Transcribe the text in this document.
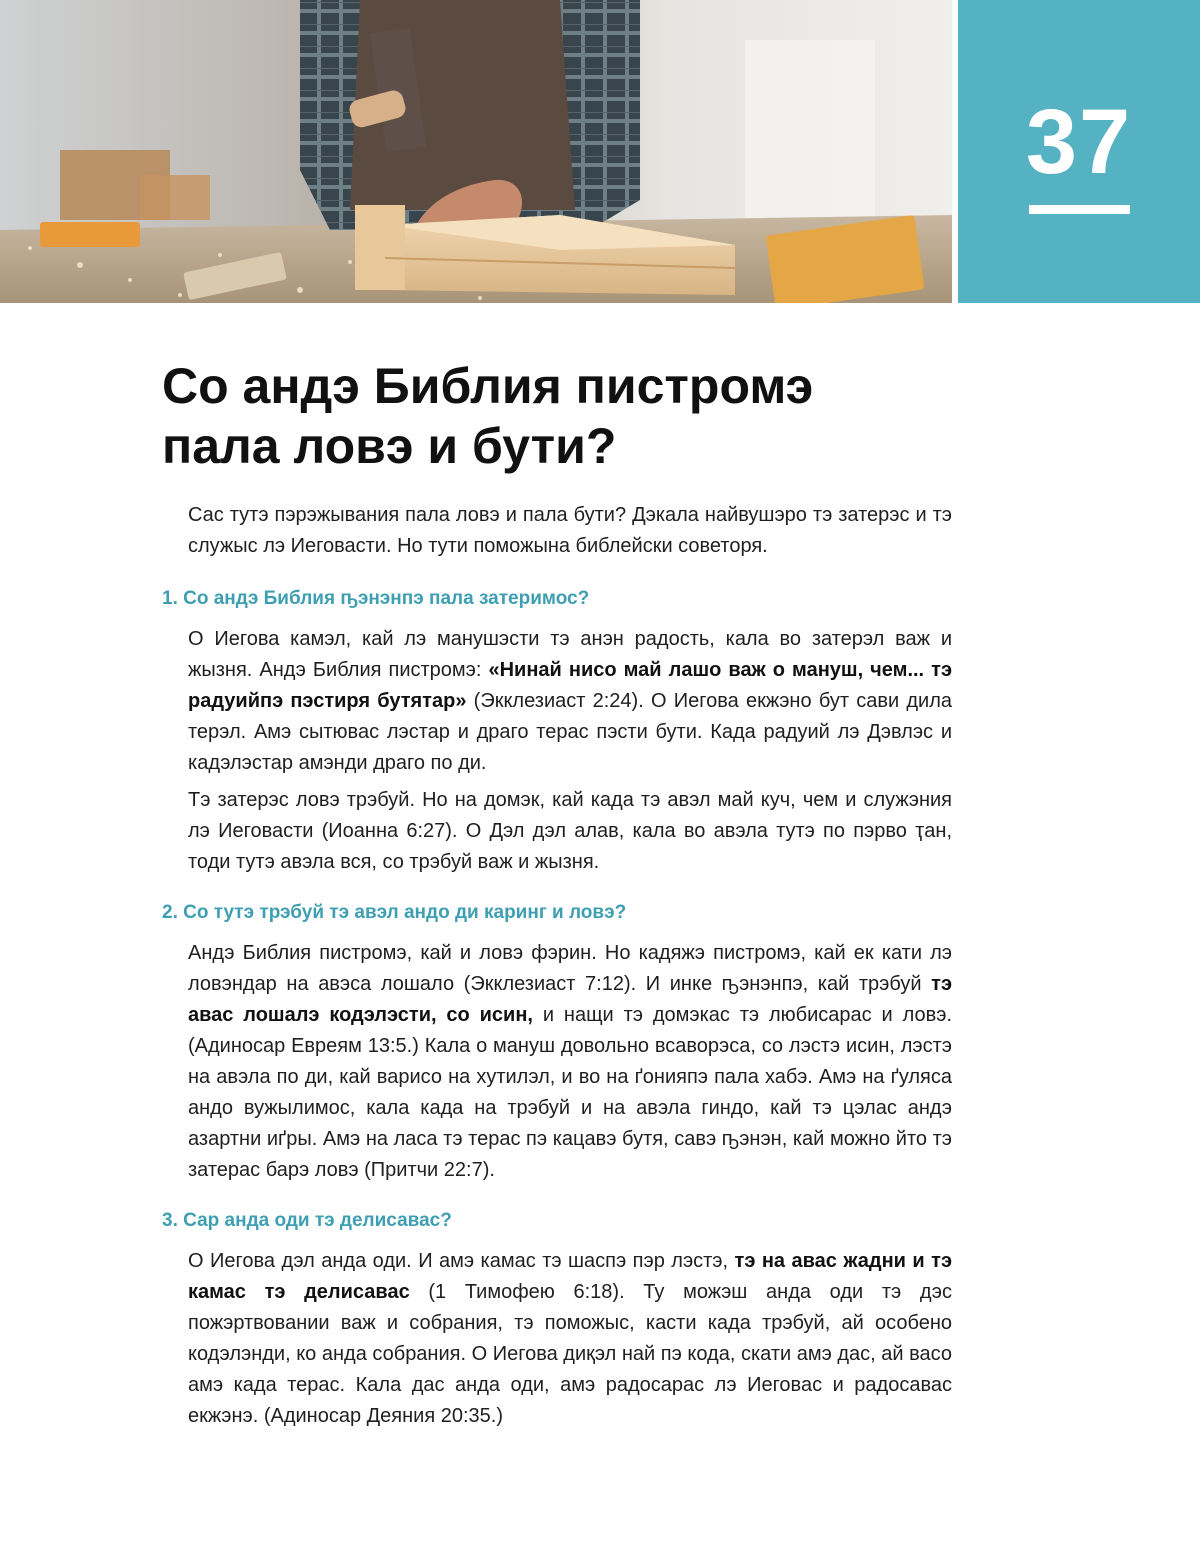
37
Со андэ Библия пистромэ
пала ловэ и бути?

Сас тутэ пэрэжывания пала ловэ и пала бути? Дэкала найвушэро тэ затерэс и тэ служыс лэ Иеговасти. Но тути поможына библейски советоря.

1. Со андэ Библия ҧэнэнпэ пала затеримос?

О Иегова камэл, кай лэ манушэсти тэ анэн радость, кала во затерэл важ и жызня. Андэ Библия пистромэ: «Нинай нисо май лашо важ о мануш, чем... тэ радуийпэ пэстиря бутятар» (Экклезиаст 2:24). О Иегова екжэно бут сави дила терэл. Амэ сытювас лэстар и драго терас пэсти бути. Када радуий лэ Дэвлэс и кадэлэстар амэнди драго по ди.

Тэ затерэс ловэ трэбуй. Но на домэк, кай када тэ авэл май куч, чем и служэния лэ Иеговасти (Иоанна 6:27). О Дэл дэл алав, кала во авэла тутэ по пэрво ҭан, тоди тутэ авэла вся, со трэбуй важ и жызня.

2. Со тутэ трэбуй тэ авэл андо ди каринг и ловэ?

Андэ Библия пистромэ, кай и ловэ фэрин. Но кадяжэ пистромэ, кай ек кати лэ ловэндар на авэса лошало (Экклезиаст 7:12). И инке ҧэнэнпэ, кай трэбуй тэ авас лошалэ кодэлэсти, со исин, и нащи тэ домэкас тэ любисарас и ловэ. (Адиносар Евреям 13:5.) Кала о мануш довольно всаворэса, со лэстэ исин, лэстэ на авэла по ди, кай варисо на хутилэл, и во на ґонияпэ пала хабэ. Амэ на ґуляса андо вужылимос, кала када на трэбуй и на авэла гиндо, кай тэ цэлас андэ азартни иґры. Амэ на ласа тэ терас пэ кацавэ бутя, савэ ҧэнэн, кай можно йто тэ затерас барэ ловэ (Притчи 22:7).

3. Сар анда оди тэ делисавас?

О Иегова дэл анда оди. И амэ камас тэ шаспэ пэр лэстэ, тэ на авас жадни и тэ камас тэ делисавас (1 Тимофею 6:18). Ту можэш анда оди тэ дэс пожэртвовании важ и собрания, тэ поможыс, касти када трэбуй, ай особено кодэлэнди, ко анда собрания. О Иегова диқэл най пэ кода, скати амэ дас, ай васо амэ када терас. Кала дас анда оди, амэ радосарас лэ Иеговас и радосавас екжэнэ. (Адиносар Деяния 20:35.)
